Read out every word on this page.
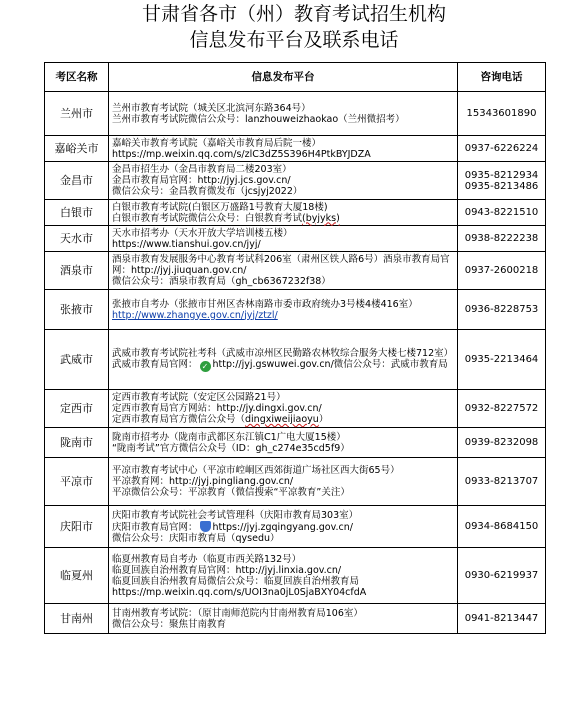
甘肃省各市（州）教育考试招生机构
信息发布平台及联系电话
考区名称	信息发布平台	咨询电话
兰州市	兰州市教育考试院（城关区北滨河东路364号）
兰州市教育考试院微信公众号：lanzhouweizhaokao（兰州微招考）	15343601890

嘉峪关市	嘉峪关市教育考试院（嘉峪关市教育局后院一楼）
https://mp.weixin.qq.com/s/zlC3dZ5S396H4PtkBYJDZA	0937-6226224

金昌市	金昌市招生办（金昌市教育局二楼203室）
金昌市教育局官网：http://jyj.jcs.gov.cn/
微信公众号：金昌教育微发布（jcsjyj2022）	0935-8212934
0935-8213486

白银市	白银市教育考试院(白银区万盛路1号教育大厦18楼)
白银市教育考试院微信公众号：白银教育考试(byjyks)	0943-8221510

天水市	天水市招考办（天水开放大学培训楼五楼）
https://www.tianshui.gov.cn/jyj/	0938-8222238

酒泉市	酒泉市教育发展服务中心教育考试科206室（肃州区铁人路6号）酒泉市教育局官网：http://jyj.jiuquan.gov.cn/
微信公众号：酒泉市教育局（gh_cb6367232f38）	0937-2600218

张掖市	张掖市自考办（张掖市甘州区杏林南路市委市政府统办3号楼4楼416室）
http://www.zhangye.gov.cn/jyj/ztzl/	0936-8228753

武威市	武威市教育考试院社考科（武威市凉州区民勤路农林牧综合服务大楼七楼712室）
武威市教育局官网： ✓ http://jyj.gswuwei.gov.cn/微信公众号：武威市教育局	0935-2213464

定西市	定西市教育考试院（安定区公园路21号）
定西市教育局官方网站：http://jy.dingxi.gov.cn/
定西市教育局官方微信公众号（dingxiweijiaoyu）	0932-8227572

陇南市	陇南市招考办（陇南市武都区东江镇C1广电大厦15楼）
“陇南考试”官方微信公众号（ID：gh_c274e35cd5f9）	0939-8232098

平凉市	平凉市教育考试中心（平凉市崆峒区西郊街道广场社区西大街65号）
平凉教育网：http://jyj.pingliang.gov.cn/
平凉微信公众号：平凉教育（微信搜索“平凉教育”关注）	0933-8213707

庆阳市	庆阳市教育考试院社会考试管理科（庆阳市教育局303室）
庆阳市教育局官网： https://jyj.zgqingyang.gov.cn/
微信公众号：庆阳市教育局（qysedu）	0934-8684150

临夏州	临夏州教育局自考办（临夏市西关路132号）
临夏回族自治州教育局官网：http://jyj.linxia.gov.cn/
临夏回族自治州教育局微信公众号：临夏回族自治州教育局
https://mp.weixin.qq.com/s/UOI3na0jL0SjaBXY04cfdA	0930-6219937

甘南州	甘南州教育考试院：（原甘南师范院内甘南州教育局106室）
微信公众号：聚焦甘南教育	0941-8213447
